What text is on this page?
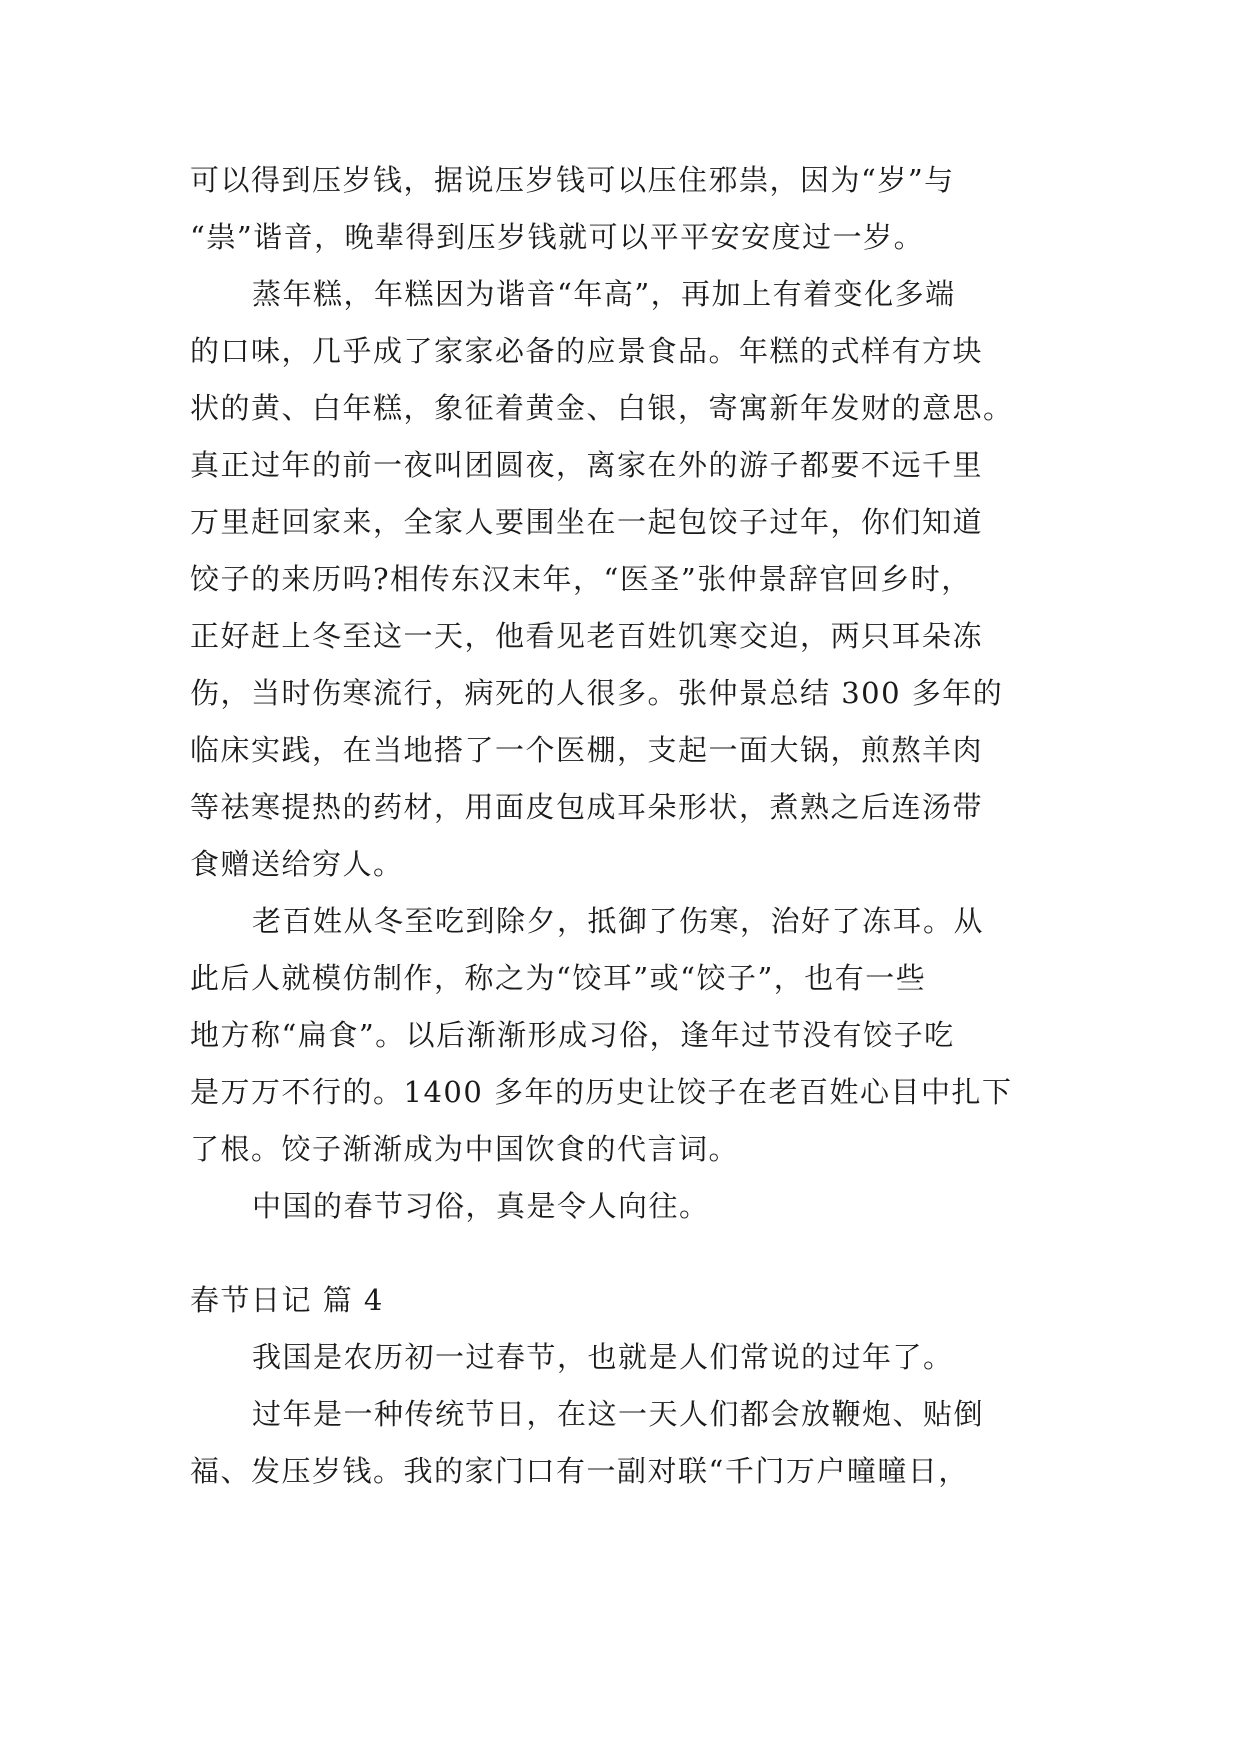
可以得到压岁钱，据说压岁钱可以压住邪祟，因为“岁”与
“祟”谐音，晚辈得到压岁钱就可以平平安安度过一岁。
蒸年糕，年糕因为谐音“年高”，再加上有着变化多端
的口味，几乎成了家家必备的应景食品。年糕的式样有方块
状的黄、白年糕，象征着黄金、白银，寄寓新年发财的意思。
真正过年的前一夜叫团圆夜，离家在外的游子都要不远千里
万里赶回家来，全家人要围坐在一起包饺子过年，你们知道
饺子的来历吗?相传东汉末年，“医圣”张仲景辞官回乡时，
正好赶上冬至这一天，他看见老百姓饥寒交迫，两只耳朵冻
伤，当时伤寒流行，病死的人很多。张仲景总结 300 多年的
临床实践，在当地搭了一个医棚，支起一面大锅，煎熬羊肉
等祛寒提热的药材，用面皮包成耳朵形状，煮熟之后连汤带
食赠送给穷人。
老百姓从冬至吃到除夕，抵御了伤寒，治好了冻耳。从
此后人就模仿制作，称之为“饺耳”或“饺子”，也有一些
地方称“扁食”。以后渐渐形成习俗，逢年过节没有饺子吃
是万万不行的。1400 多年的历史让饺子在老百姓心目中扎下
了根。饺子渐渐成为中国饮食的代言词。
中国的春节习俗，真是令人向往。
春节日记 篇 4
我国是农历初一过春节，也就是人们常说的过年了。
过年是一种传统节日，在这一天人们都会放鞭炮、贴倒
福、发压岁钱。我的家门口有一副对联“千门万户曈曈日，
